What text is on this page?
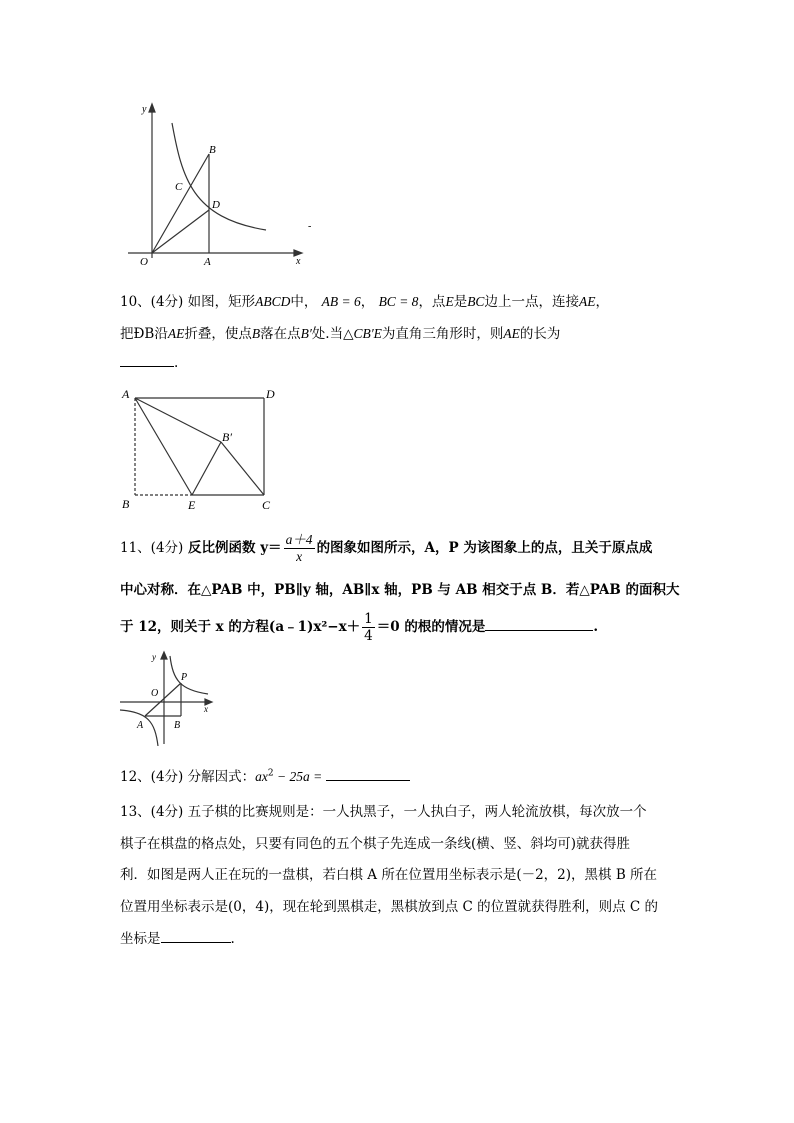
y
x
O	A
B
C
D
-
10、(4分) 如图，矩形ABCD中， AB = 6， BC = 8，点E是BC边上一点，连接AE，
把ÐB沿AE折叠，使点B落在点B′处.当△CB′E为直角三角形时，则AE的长为
.
A	D
B	E	C
B′
11、(4分) 反比例函数 $y= \frac{a+4}{x}$ 的图象如图所示，A，P 为该图象上的点，且关于原点成
中心对称．在△PAB 中，PB∥y 轴，AB∥x 轴，PB 与 AB 相交于点 B．若△PAB 的面积大
于 12，则关于 x 的方程(a﹣1)x²−x＋ $\frac{1}{4} =0$ 的根的情况是	.
y
x
O
P
A	B
12、(4分) 分解因式：$ax^2 - 25a$ =
13、(4分) 五子棋的比赛规则是：一人执黑子，一人执白子，两人轮流放棋，每次放一个
棋子在棋盘的格点处，只要有同色的五个棋子先连成一条线(横、竖、斜均可)就获得胜
利．如图是两人正在玩的一盘棋，若白棋 A 所在位置用坐标表示是(－2，2)，黑棋 B 所在
位置用坐标表示是(0，4)，现在轮到黑棋走，黑棋放到点 C 的位置就获得胜利，则点 C 的
坐标是	.
